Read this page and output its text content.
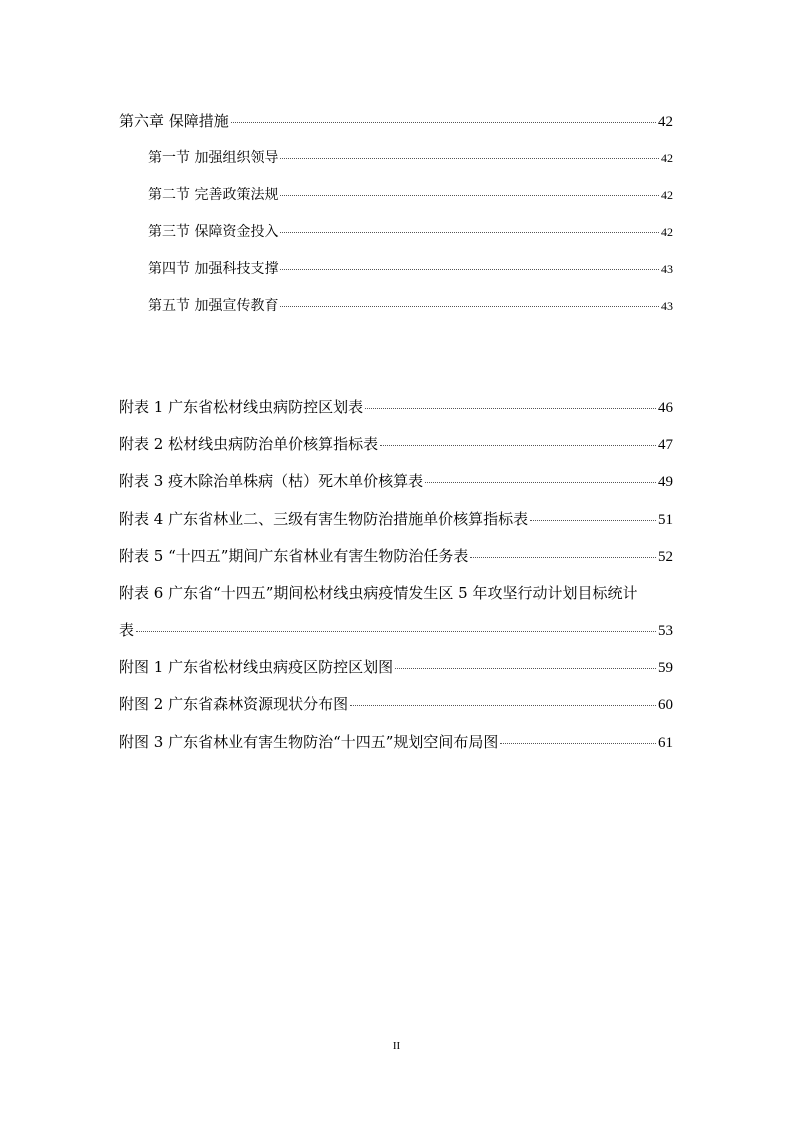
第六章 保障措施	42
第一节 加强组织领导	42
第二节 完善政策法规	42
第三节 保障资金投入	42
第四节 加强科技支撑	43
第五节 加强宣传教育	43
附表 1 广东省松材线虫病防控区划表	46
附表 2 松材线虫病防治单价核算指标表	47
附表 3 疫木除治单株病（枯）死木单价核算表	49
附表 4 广东省林业二、三级有害生物防治措施单价核算指标表	51
附表 5 “十四五”期间广东省林业有害生物防治任务表	52
附表 6 广东省“十四五”期间松材线虫病疫情发生区 5 年攻坚行动计划目标统计
表	53
附图 1 广东省松材线虫病疫区防控区划图	59
附图 2 广东省森林资源现状分布图	60
附图 3 广东省林业有害生物防治“十四五”规划空间布局图	61
II
